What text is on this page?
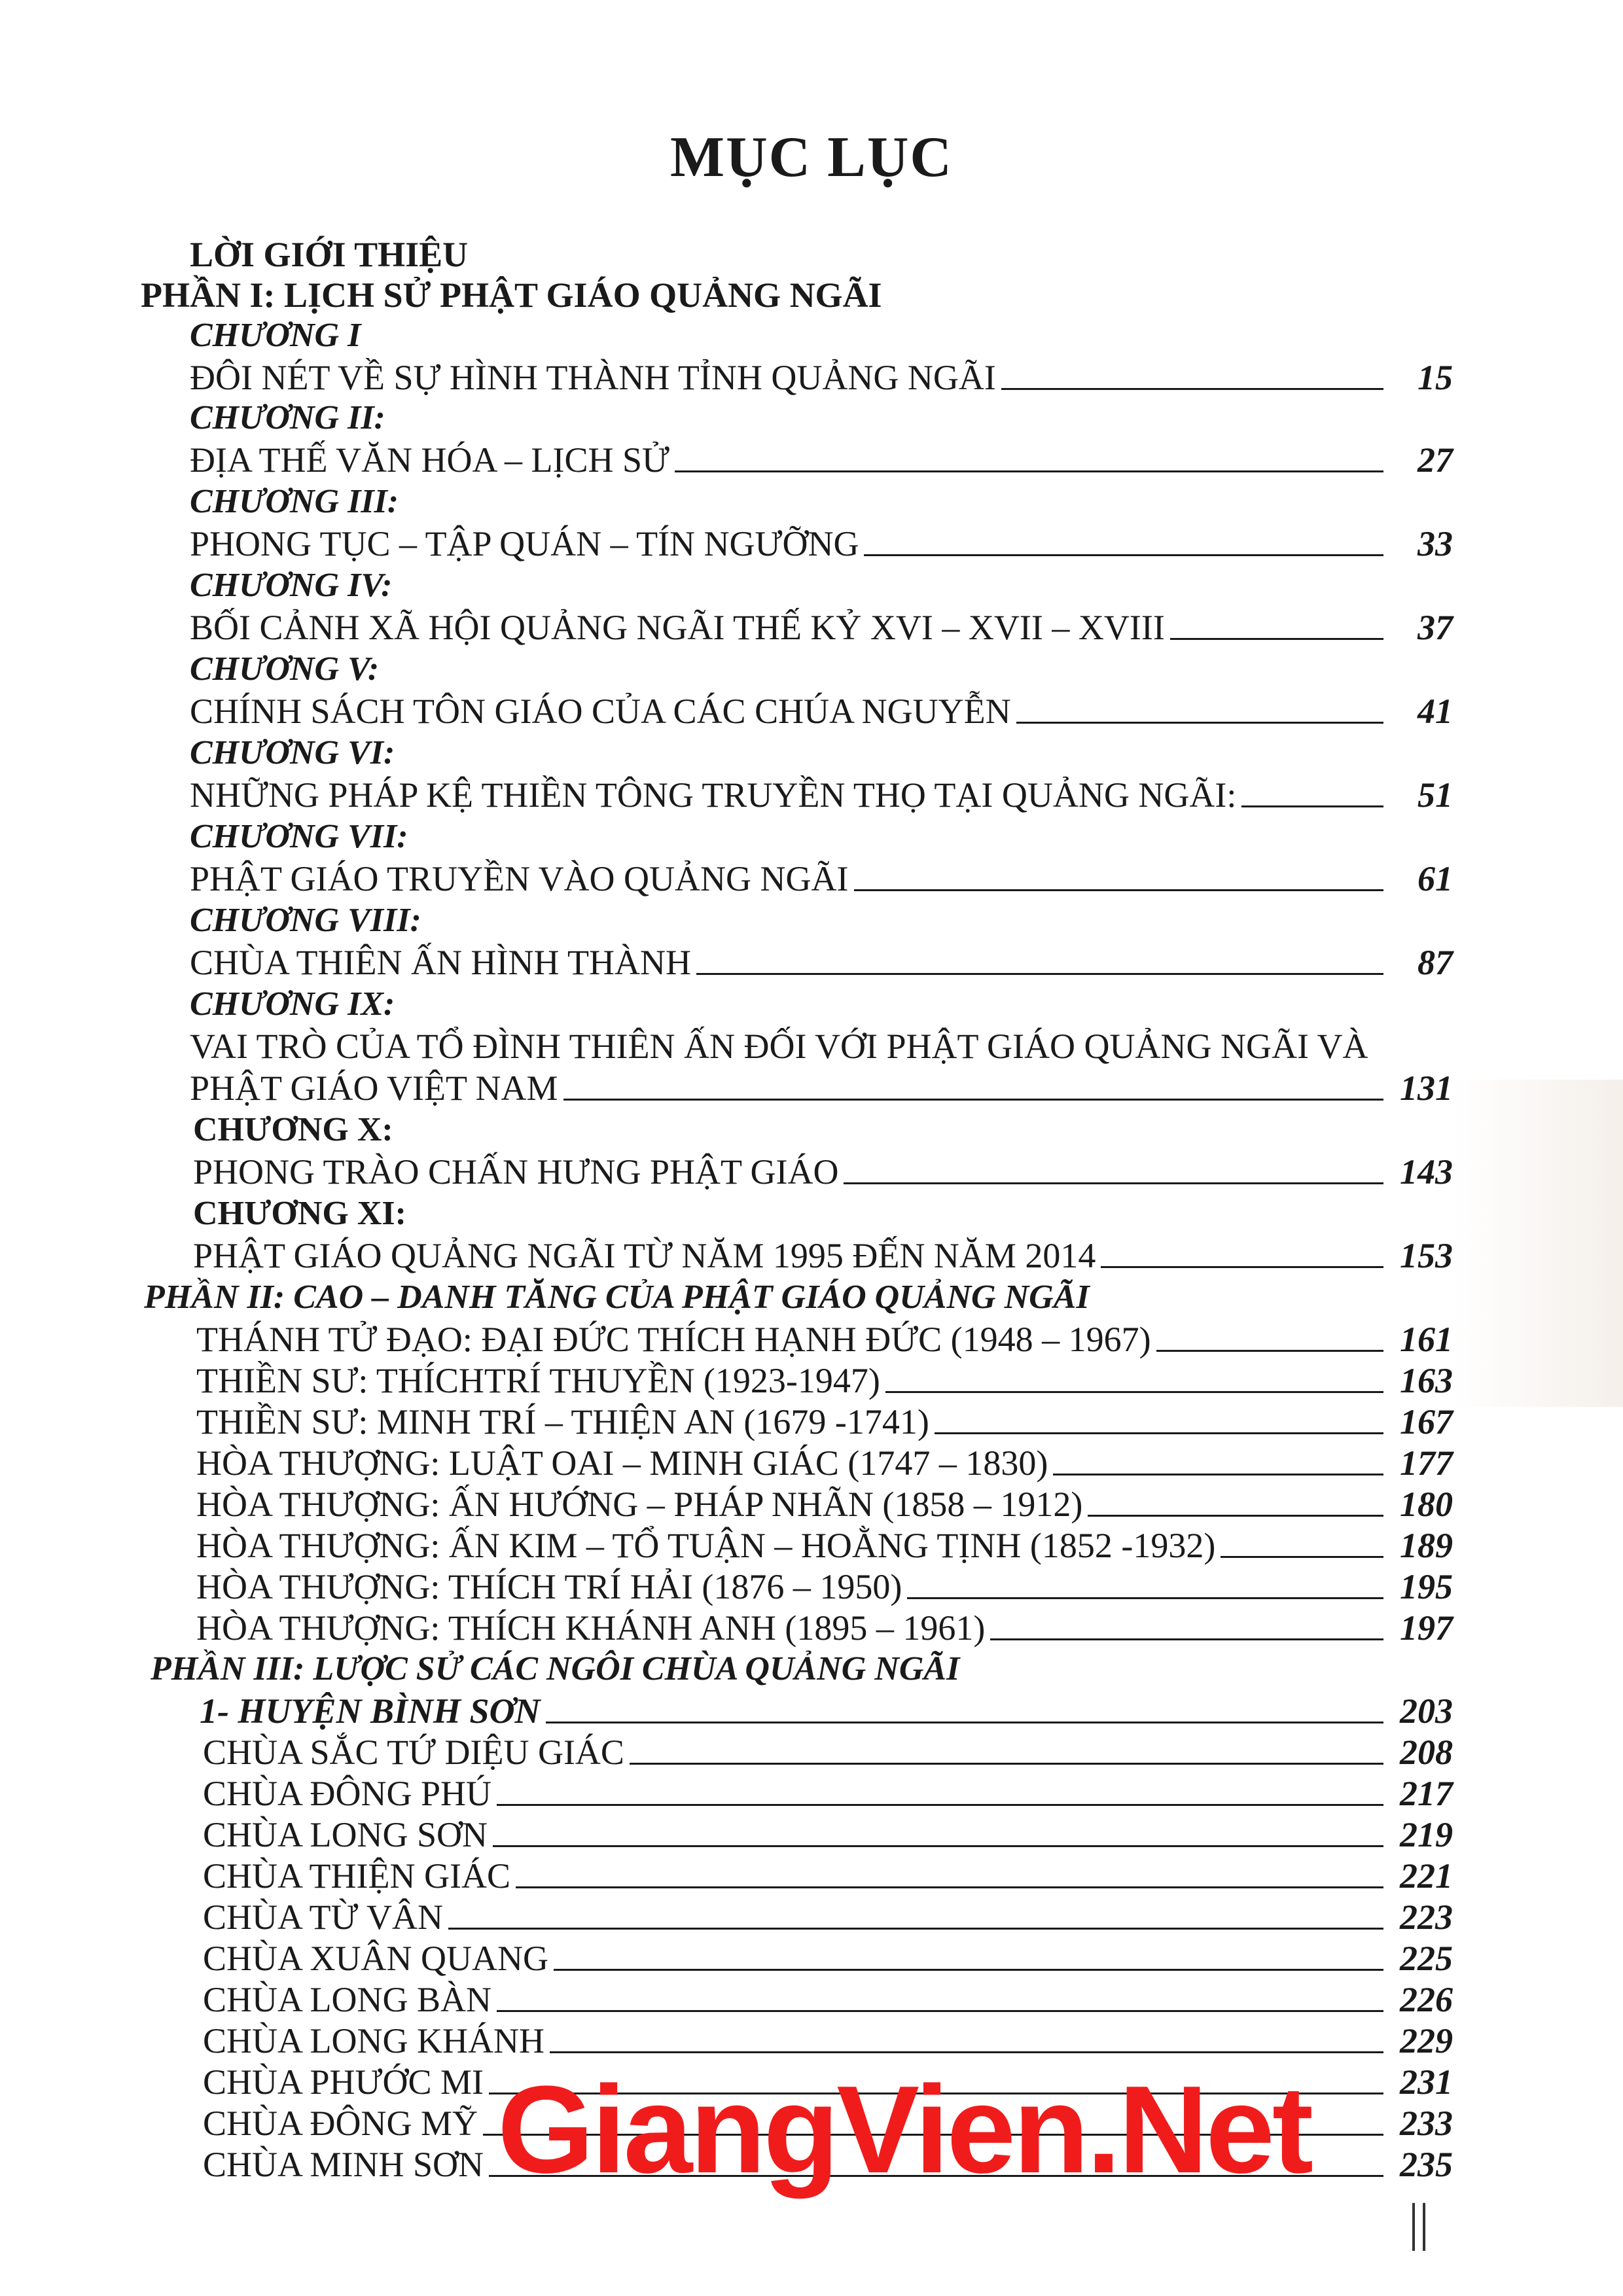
MỤC LỤC
LỜI GIỚI THIỆU
PHẦN I: LỊCH SỬ PHẬT GIÁO QUẢNG NGÃI
CHƯƠNG I
ĐÔI NÉT VỀ SỰ HÌNH THÀNH TỈNH QUẢNG NGÃI	15
CHƯƠNG II:
ĐỊA THẾ VĂN HÓA – LỊCH SỬ	27
CHƯƠNG III:
PHONG TỤC – TẬP QUÁN – TÍN NGƯỠNG	33
CHƯƠNG IV:
BỐI CẢNH XÃ HỘI QUẢNG NGÃI THẾ KỶ XVI – XVII – XVIII	37
CHƯƠNG V:
CHÍNH SÁCH TÔN GIÁO CỦA CÁC CHÚA NGUYỄN	41
CHƯƠNG VI:
NHỮNG PHÁP KỆ THIỀN TÔNG TRUYỀN THỌ TẠI QUẢNG NGÃI:	51
CHƯƠNG VII:
PHẬT GIÁO TRUYỀN VÀO QUẢNG NGÃI	61
CHƯƠNG VIII:
CHÙA THIÊN ẤN HÌNH THÀNH	87
CHƯƠNG IX:
VAI TRÒ CỦA TỔ ĐÌNH THIÊN ẤN ĐỐI VỚI PHẬT GIÁO QUẢNG NGÃI VÀ
PHẬT GIÁO VIỆT NAM	131
CHƯƠNG X:
PHONG TRÀO CHẤN HƯNG PHẬT GIÁO	143
CHƯƠNG XI:
PHẬT GIÁO QUẢNG NGÃI TỪ NĂM 1995 ĐẾN NĂM 2014	153
PHẦN II: CAO – DANH TĂNG CỦA PHẬT GIÁO QUẢNG NGÃI
THÁNH TỬ ĐẠO: ĐẠI ĐỨC THÍCH HẠNH ĐỨC (1948 – 1967)	161
THIỀN SƯ: THÍCHTRÍ THUYỀN (1923-1947)	163
THIỀN SƯ: MINH TRÍ – THIỆN AN (1679 -1741)	167
HÒA THƯỢNG: LUẬT OAI – MINH GIÁC (1747 – 1830)	177
HÒA THƯỢNG: ẤN HƯỚNG – PHÁP NHÃN (1858 – 1912)	180
HÒA THƯỢNG: ẤN KIM – TỔ TUẬN – HOẰNG TỊNH (1852 -1932)	189
HÒA THƯỢNG: THÍCH TRÍ HẢI (1876 – 1950)	195
HÒA THƯỢNG: THÍCH KHÁNH ANH (1895 – 1961)	197
PHẦN III: LƯỢC SỬ CÁC NGÔI CHÙA QUẢNG NGÃI
1- HUYỆN BÌNH SƠN	203
CHÙA SẮC TỨ DIỆU GIÁC	208
CHÙA ĐÔNG PHÚ	217
CHÙA LONG SƠN	219
CHÙA THIỆN GIÁC	221
CHÙA TỪ VÂN	223
CHÙA XUÂN QUANG	225
CHÙA LONG BÀN	226
CHÙA LONG KHÁNH	229
CHÙA PHƯỚC MI	231
CHÙA ĐÔNG MỸ	233
CHÙA MINH SƠN	235
GiangVien.Net
||
